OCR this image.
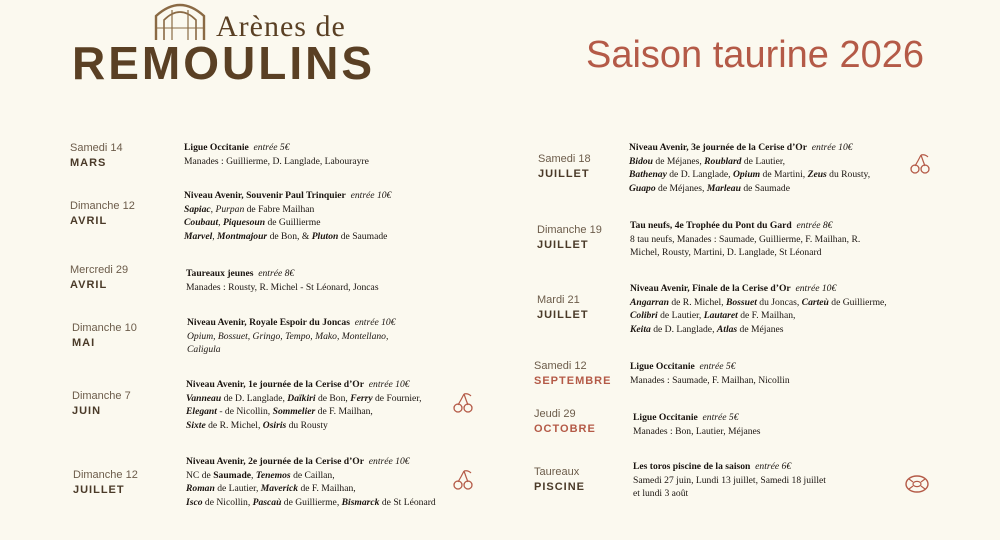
Arènes de
REMOULINS	Saison taurine 2026
Samedi 14
MARS
Ligue Occitanie entrée 5€
Manades : Guillierme, D. Langlade, Labourayre
Dimanche 12
AVRIL
Niveau Avenir, Souvenir Paul Trinquier entrée 10€
Sapiac, Purpan de Fabre Mailhan
Coubaut, Piquesoun de Guillierme
Marvel, Montmajour de Bon, & Pluton de Saumade
Mercredi 29
AVRIL
Taureaux jeunes entrée 8€
Manades : Rousty, R. Michel - St Léonard, Joncas
Dimanche 10
MAI
Niveau Avenir, Royale Espoir du Joncas entrée 10€
Opium, Bossuet, Gringo, Tempo, Mako, Montellano,
Caligula
Dimanche 7
JUIN
Niveau Avenir, 1e journée de la Cerise d’Or entrée 10€
Vanneau de D. Langlade, Daïkiri de Bon, Ferry de Fournier,
Elegant - de Nicollin, Sommelier de F. Mailhan,
Sixte de R. Michel, Osiris du Rousty
Dimanche 12
JUILLET
Niveau Avenir, 2e journée de la Cerise d’Or entrée 10€
NC de Saumade, Tenemos de Caillan,
Roman de Lautier, Maverick de F. Mailhan,
Isco de Nicollin, Pascaù de Guillierme, Bismarck de St Léonard
Samedi 18
JUILLET
Niveau Avenir, 3e journée de la Cerise d’Or entrée 10€
Bidou de Méjanes, Roublard de Lautier,
Bathenay de D. Langlade, Opium de Martini, Zeus du Rousty,
Guapo de Méjanes, Marleau de Saumade
Dimanche 19
JUILLET
Tau neufs, 4e Trophée du Pont du Gard entrée 8€
8 tau neufs, Manades : Saumade, Guillierme, F. Mailhan, R.
Michel, Rousty, Martini, D. Langlade, St Léonard
Mardi 21
JUILLET
Niveau Avenir, Finale de la Cerise d’Or entrée 10€
Angarran de R. Michel, Bossuet du Joncas, Carteù de Guillierme,
Colibri de Lautier, Lautaret de F. Mailhan,
Keita de D. Langlade, Atlas de Méjanes
Samedi 12
SEPTEMBRE
Ligue Occitanie entrée 5€
Manades : Saumade, F. Mailhan, Nicollin
Jeudi 29
OCTOBRE
Ligue Occitanie entrée 5€
Manades : Bon, Lautier, Méjanes
Taureaux
PISCINE
Les toros piscine de la saison entrée 6€
Samedi 27 juin, Lundi 13 juillet, Samedi 18 juillet
et lundi 3 août
